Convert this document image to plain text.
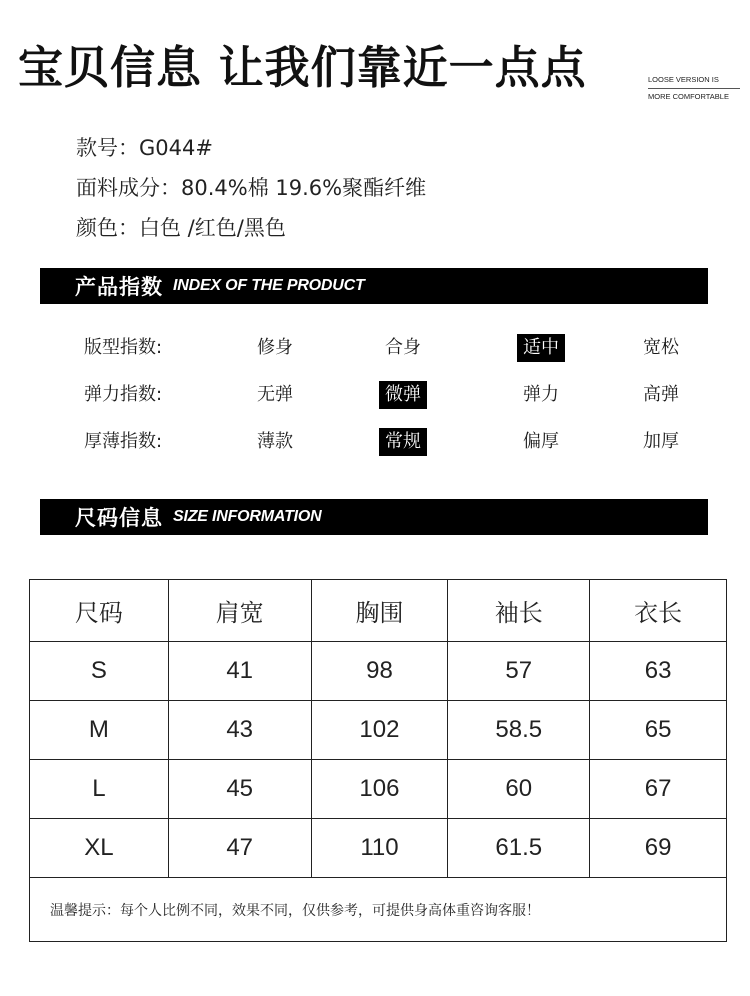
宝贝信息 让我们靠近一点点	LOOSE VERSION IS
MORE COMFORTABLE
款号：G044#
面料成分：80.4%棉 19.6%聚酯纤维
颜色：白色 /红色/黑色
产品指数 INDEX OF THE PRODUCT
版型指数:	修身	合身	适中	宽松
弹力指数:	无弹	微弹	弹力	高弹
厚薄指数:	薄款	常规	偏厚	加厚
尺码信息 SIZE INFORMATION
尺码	肩宽	胸围	袖长	衣长
S	41	98	57	63
M	43	102	58.5	65
L	45	106	60	67
XL	47	110	61.5	69
温馨提示：每个人比例不同，效果不同，仅供参考，可提供身高体重咨询客服！				
